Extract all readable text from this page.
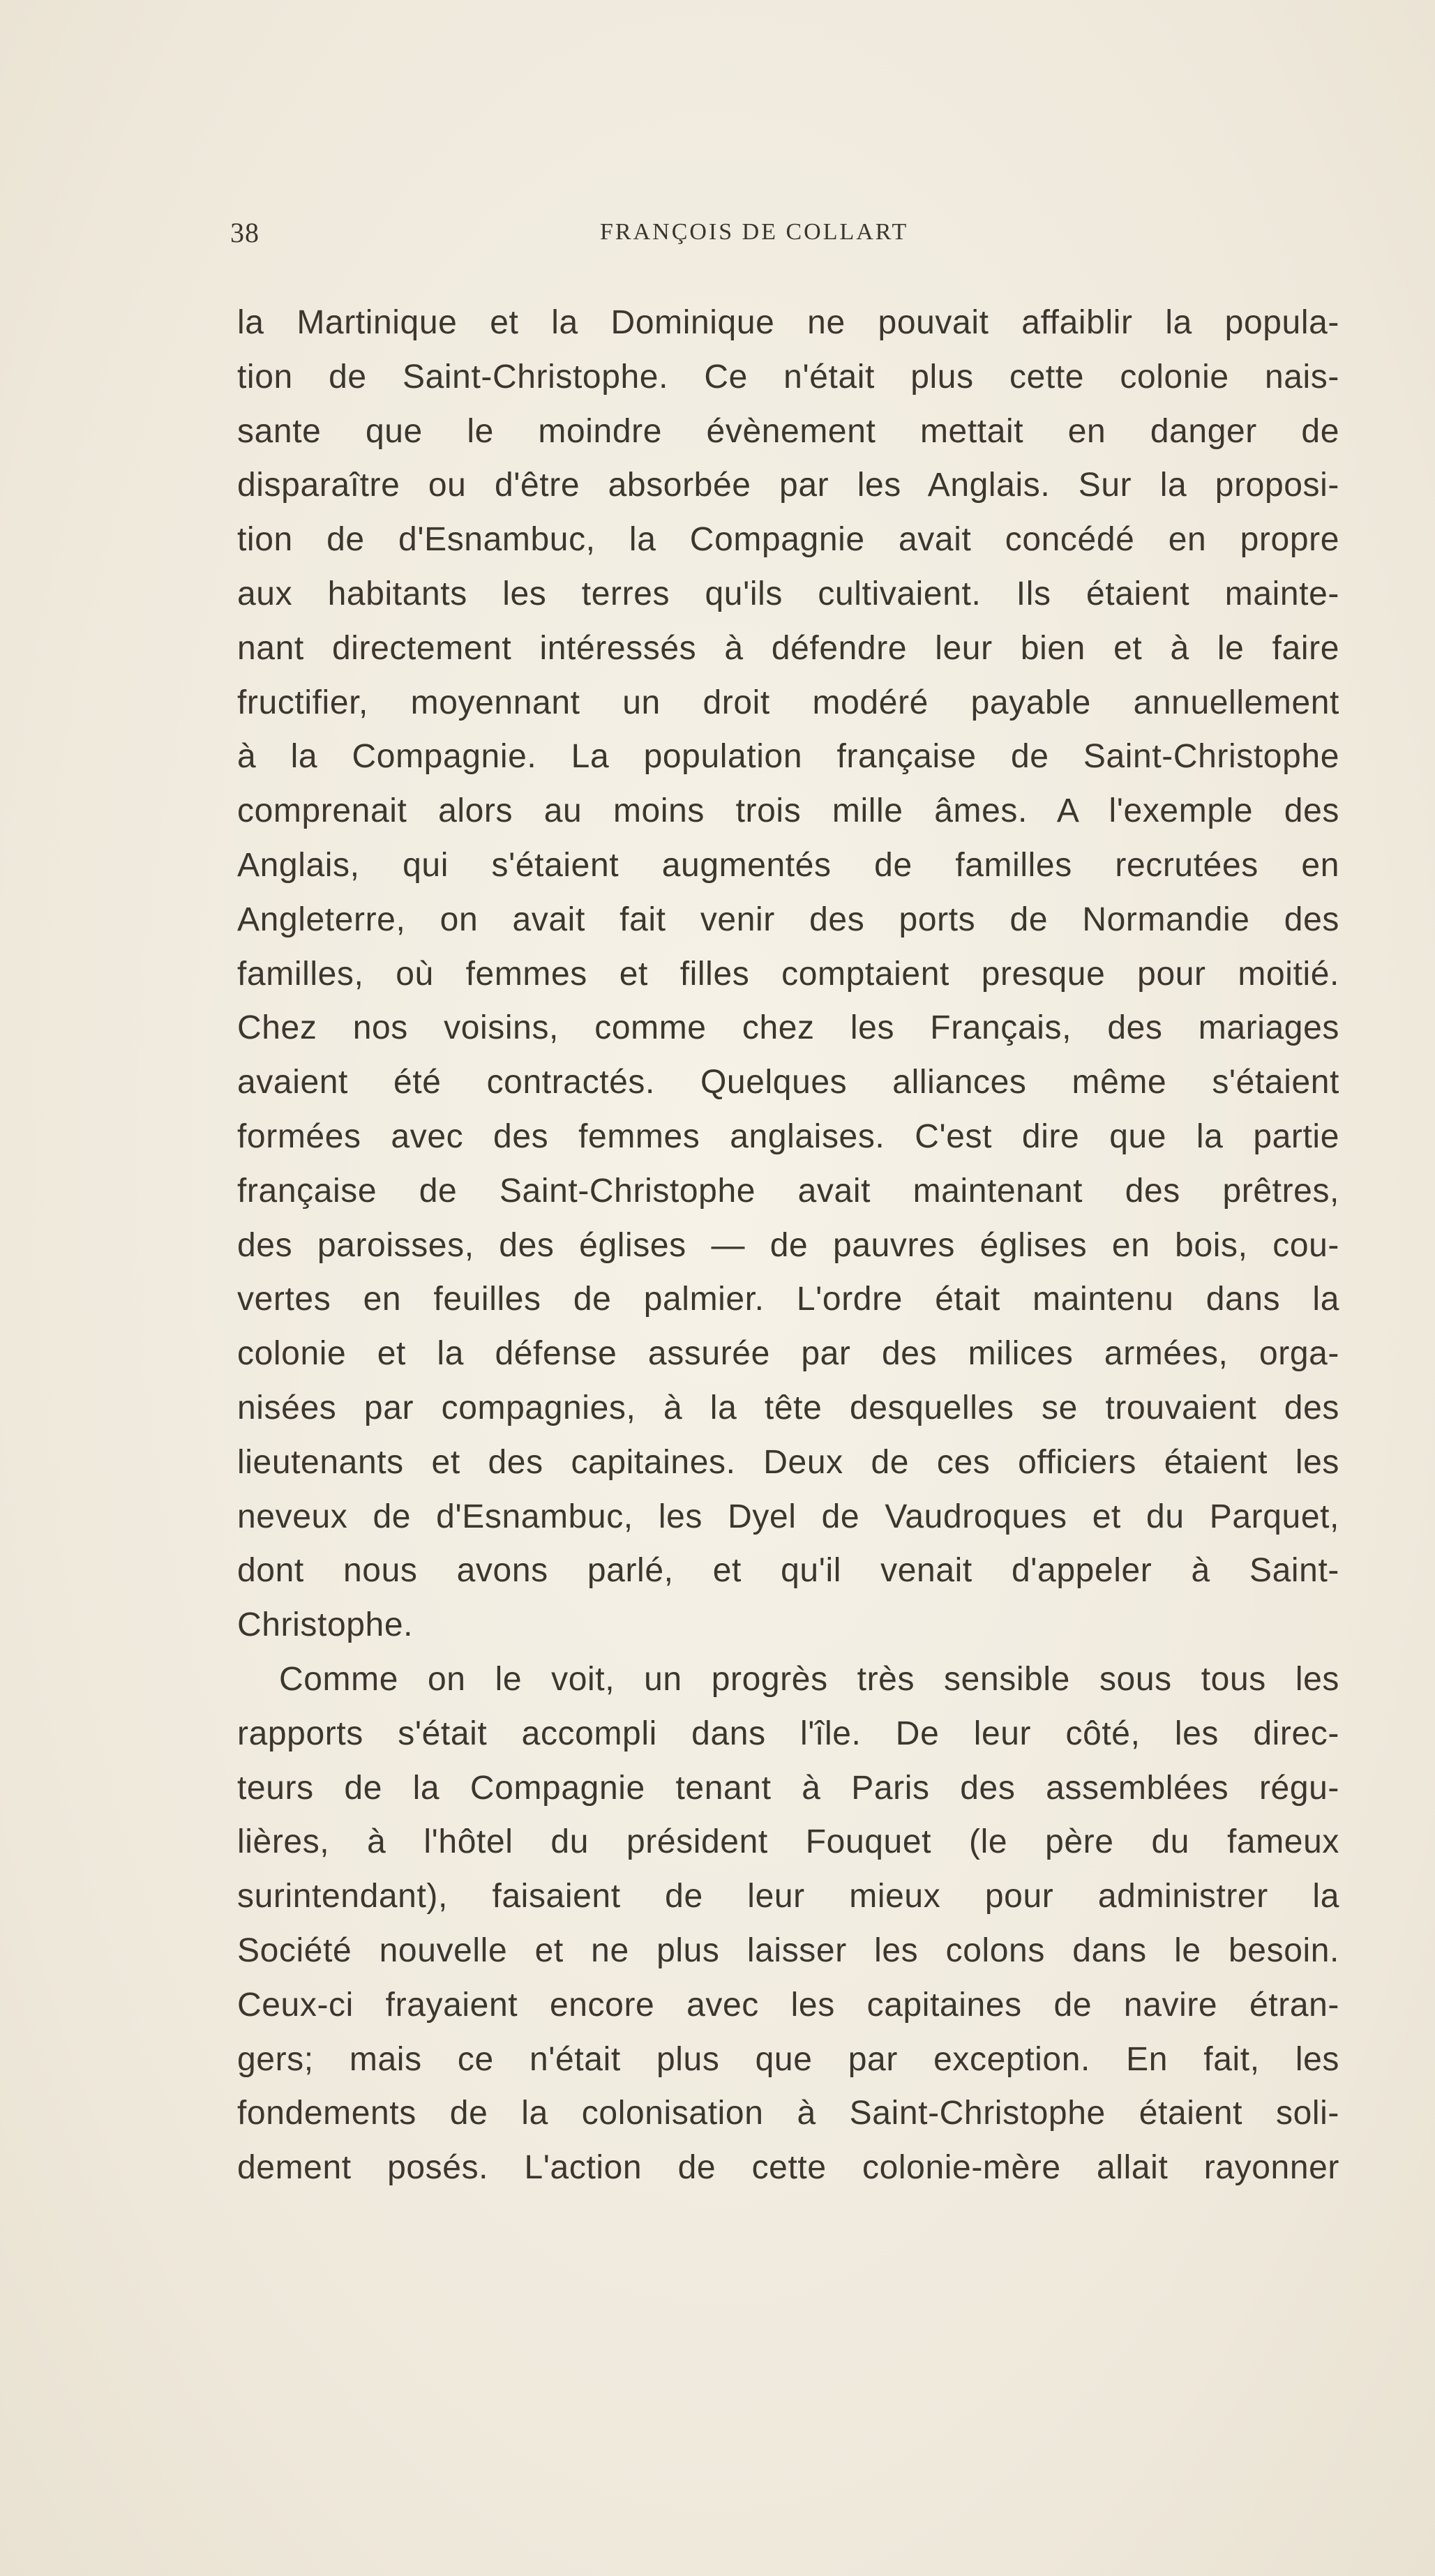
38	FRANÇOIS DE COLLART
la Martinique et la Dominique ne pouvait affaiblir la popula-
tion de Saint-Christophe. Ce n'était plus cette colonie nais-
sante que le moindre évènement mettait en danger de
disparaître ou d'être absorbée par les Anglais. Sur la proposi-
tion de d'Esnambuc, la Compagnie avait concédé en propre
aux habitants les terres qu'ils cultivaient. Ils étaient mainte-
nant directement intéressés à défendre leur bien et à le faire
fructifier, moyennant un droit modéré payable annuellement
à la Compagnie. La population française de Saint-Christophe
comprenait alors au moins trois mille âmes. A l'exemple des
Anglais, qui s'étaient augmentés de familles recrutées en
Angleterre, on avait fait venir des ports de Normandie des
familles, où femmes et filles comptaient presque pour moitié.
Chez nos voisins, comme chez les Français, des mariages
avaient été contractés. Quelques alliances même s'étaient
formées avec des femmes anglaises. C'est dire que la partie
française de Saint-Christophe avait maintenant des prêtres,
des paroisses, des églises — de pauvres églises en bois, cou-
vertes en feuilles de palmier. L'ordre était maintenu dans la
colonie et la défense assurée par des milices armées, orga-
nisées par compagnies, à la tête desquelles se trouvaient des
lieutenants et des capitaines. Deux de ces officiers étaient les
neveux de d'Esnambuc, les Dyel de Vaudroques et du Parquet,
dont nous avons parlé, et qu'il venait d'appeler à Saint-
Christophe.
Comme on le voit, un progrès très sensible sous tous les
rapports s'était accompli dans l'île. De leur côté, les direc-
teurs de la Compagnie tenant à Paris des assemblées régu-
lières, à l'hôtel du président Fouquet (le père du fameux
surintendant), faisaient de leur mieux pour administrer la
Société nouvelle et ne plus laisser les colons dans le besoin.
Ceux-ci frayaient encore avec les capitaines de navire étran-
gers; mais ce n'était plus que par exception. En fait, les
fondements de la colonisation à Saint-Christophe étaient soli-
dement posés. L'action de cette colonie-mère allait rayonner
